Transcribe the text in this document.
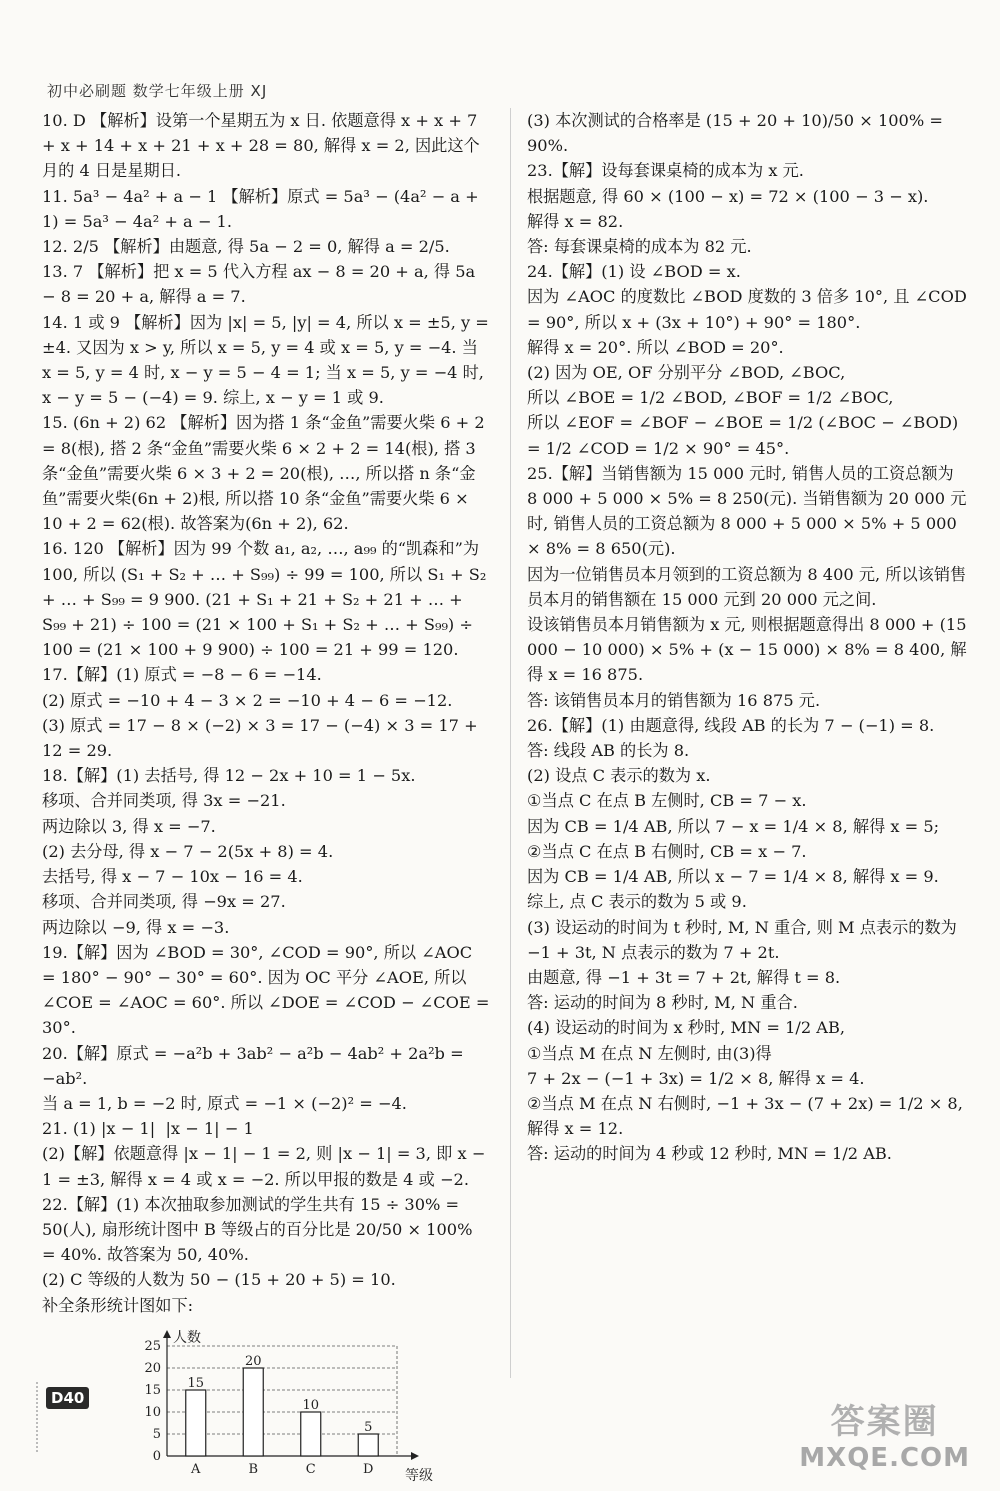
初中必刷题 数学七年级上册 XJ
10. D 【解析】设第一个星期五为 x 日. 依题意得 x + x + 7 + x + 14 + x + 21 + x + 28 = 80, 解得 x = 2, 因此这个月的 4 日是星期日.
11. 5a³ − 4a² + a − 1 【解析】原式 = 5a³ − (4a² − a + 1) = 5a³ − 4a² + a − 1.
12. 2/5 【解析】由题意, 得 5a − 2 = 0, 解得 a = 2/5.
13. 7 【解析】把 x = 5 代入方程 ax − 8 = 20 + a, 得 5a − 8 = 20 + a, 解得 a = 7.
14. 1 或 9 【解析】因为 |x| = 5, |y| = 4, 所以 x = ±5, y = ±4. 又因为 x > y, 所以 x = 5, y = 4 或 x = 5, y = −4. 当 x = 5, y = 4 时, x − y = 5 − 4 = 1; 当 x = 5, y = −4 时, x − y = 5 − (−4) = 9. 综上, x − y = 1 或 9.
15. (6n + 2) 62 【解析】因为搭 1 条“金鱼”需要火柴 6 + 2 = 8(根), 搭 2 条“金鱼”需要火柴 6 × 2 + 2 = 14(根), 搭 3 条“金鱼”需要火柴 6 × 3 + 2 = 20(根), …, 所以搭 n 条“金鱼”需要火柴(6n + 2)根, 所以搭 10 条“金鱼”需要火柴 6 × 10 + 2 = 62(根). 故答案为(6n + 2), 62.
16. 120 【解析】因为 99 个数 a₁, a₂, …, a₉₉ 的“凯森和”为 100, 所以 (S₁ + S₂ + … + S₉₉) ÷ 99 = 100, 所以 S₁ + S₂ + … + S₉₉ = 9 900. (21 + S₁ + 21 + S₂ + 21 + … + S₉₉ + 21) ÷ 100 = (21 × 100 + S₁ + S₂ + … + S₉₉) ÷ 100 = (21 × 100 + 9 900) ÷ 100 = 21 + 99 = 120.
17.【解】(1) 原式 = −8 − 6 = −14.
(2) 原式 = −10 + 4 − 3 × 2 = −10 + 4 − 6 = −12.
(3) 原式 = 17 − 8 × (−2) × 3 = 17 − (−4) × 3 = 17 + 12 = 29.
18.【解】(1) 去括号, 得 12 − 2x + 10 = 1 − 5x.
移项、合并同类项, 得 3x = −21.
两边除以 3, 得 x = −7.
(2) 去分母, 得 x − 7 − 2(5x + 8) = 4.
去括号, 得 x − 7 − 10x − 16 = 4.
移项、合并同类项, 得 −9x = 27.
两边除以 −9, 得 x = −3.
19.【解】因为 ∠BOD = 30°, ∠COD = 90°, 所以 ∠AOC = 180° − 90° − 30° = 60°. 因为 OC 平分 ∠AOE, 所以 ∠COE = ∠AOC = 60°. 所以 ∠DOE = ∠COD − ∠COE = 30°.
20.【解】原式 = −a²b + 3ab² − a²b − 4ab² + 2a²b = −ab².
当 a = 1, b = −2 时, 原式 = −1 × (−2)² = −4.
21. (1) |x − 1|  |x − 1| − 1
(2)【解】依题意得 |x − 1| − 1 = 2, 则 |x − 1| = 3, 即 x − 1 = ±3, 解得 x = 4 或 x = −2. 所以甲报的数是 4 或 −2.
22.【解】(1) 本次抽取参加测试的学生共有 15 ÷ 30% = 50(人), 扇形统计图中 B 等级占的百分比是 20/50 × 100% = 40%. 故答案为 50, 40%.
(2) C 等级的人数为 50 − (15 + 20 + 5) = 10.
补全条形统计图如下:
0
5
10
15
20
25
人数
等级
15
A
20
B
10
C
5
D
(3) 本次测试的合格率是 (15 + 20 + 10)/50 × 100% = 90%.
23.【解】设每套课桌椅的成本为 x 元.
根据题意, 得 60 × (100 − x) = 72 × (100 − 3 − x).
解得 x = 82.
答: 每套课桌椅的成本为 82 元.
24.【解】(1) 设 ∠BOD = x.
因为 ∠AOC 的度数比 ∠BOD 度数的 3 倍多 10°, 且 ∠COD = 90°, 所以 x + (3x + 10°) + 90° = 180°.
解得 x = 20°. 所以 ∠BOD = 20°.
(2) 因为 OE, OF 分别平分 ∠BOD, ∠BOC,
所以 ∠BOE = 1/2 ∠BOD, ∠BOF = 1/2 ∠BOC,
所以 ∠EOF = ∠BOF − ∠BOE = 1/2 (∠BOC − ∠BOD) = 1/2 ∠COD = 1/2 × 90° = 45°.
25.【解】当销售额为 15 000 元时, 销售人员的工资总额为 8 000 + 5 000 × 5% = 8 250(元). 当销售额为 20 000 元时, 销售人员的工资总额为 8 000 + 5 000 × 5% + 5 000 × 8% = 8 650(元).
因为一位销售员本月领到的工资总额为 8 400 元, 所以该销售员本月的销售额在 15 000 元到 20 000 元之间.
设该销售员本月销售额为 x 元, 则根据题意得出 8 000 + (15 000 − 10 000) × 5% + (x − 15 000) × 8% = 8 400, 解得 x = 16 875.
答: 该销售员本月的销售额为 16 875 元.
26.【解】(1) 由题意得, 线段 AB 的长为 7 − (−1) = 8.
答: 线段 AB 的长为 8.
(2) 设点 C 表示的数为 x.
①当点 C 在点 B 左侧时, CB = 7 − x.
因为 CB = 1/4 AB, 所以 7 − x = 1/4 × 8, 解得 x = 5;
②当点 C 在点 B 右侧时, CB = x − 7.
因为 CB = 1/4 AB, 所以 x − 7 = 1/4 × 8, 解得 x = 9.
综上, 点 C 表示的数为 5 或 9.
(3) 设运动的时间为 t 秒时, M, N 重合, 则 M 点表示的数为 −1 + 3t, N 点表示的数为 7 + 2t.
由题意, 得 −1 + 3t = 7 + 2t, 解得 t = 8.
答: 运动的时间为 8 秒时, M, N 重合.
(4) 设运动的时间为 x 秒时, MN = 1/2 AB,
①当点 M 在点 N 左侧时, 由(3)得
7 + 2x − (−1 + 3x) = 1/2 × 8, 解得 x = 4.
②当点 M 在点 N 右侧时, −1 + 3x − (7 + 2x) = 1/2 × 8,
解得 x = 12.
答: 运动的时间为 4 秒或 12 秒时, MN = 1/2 AB.
D40
答案圈
MXQE.COM
